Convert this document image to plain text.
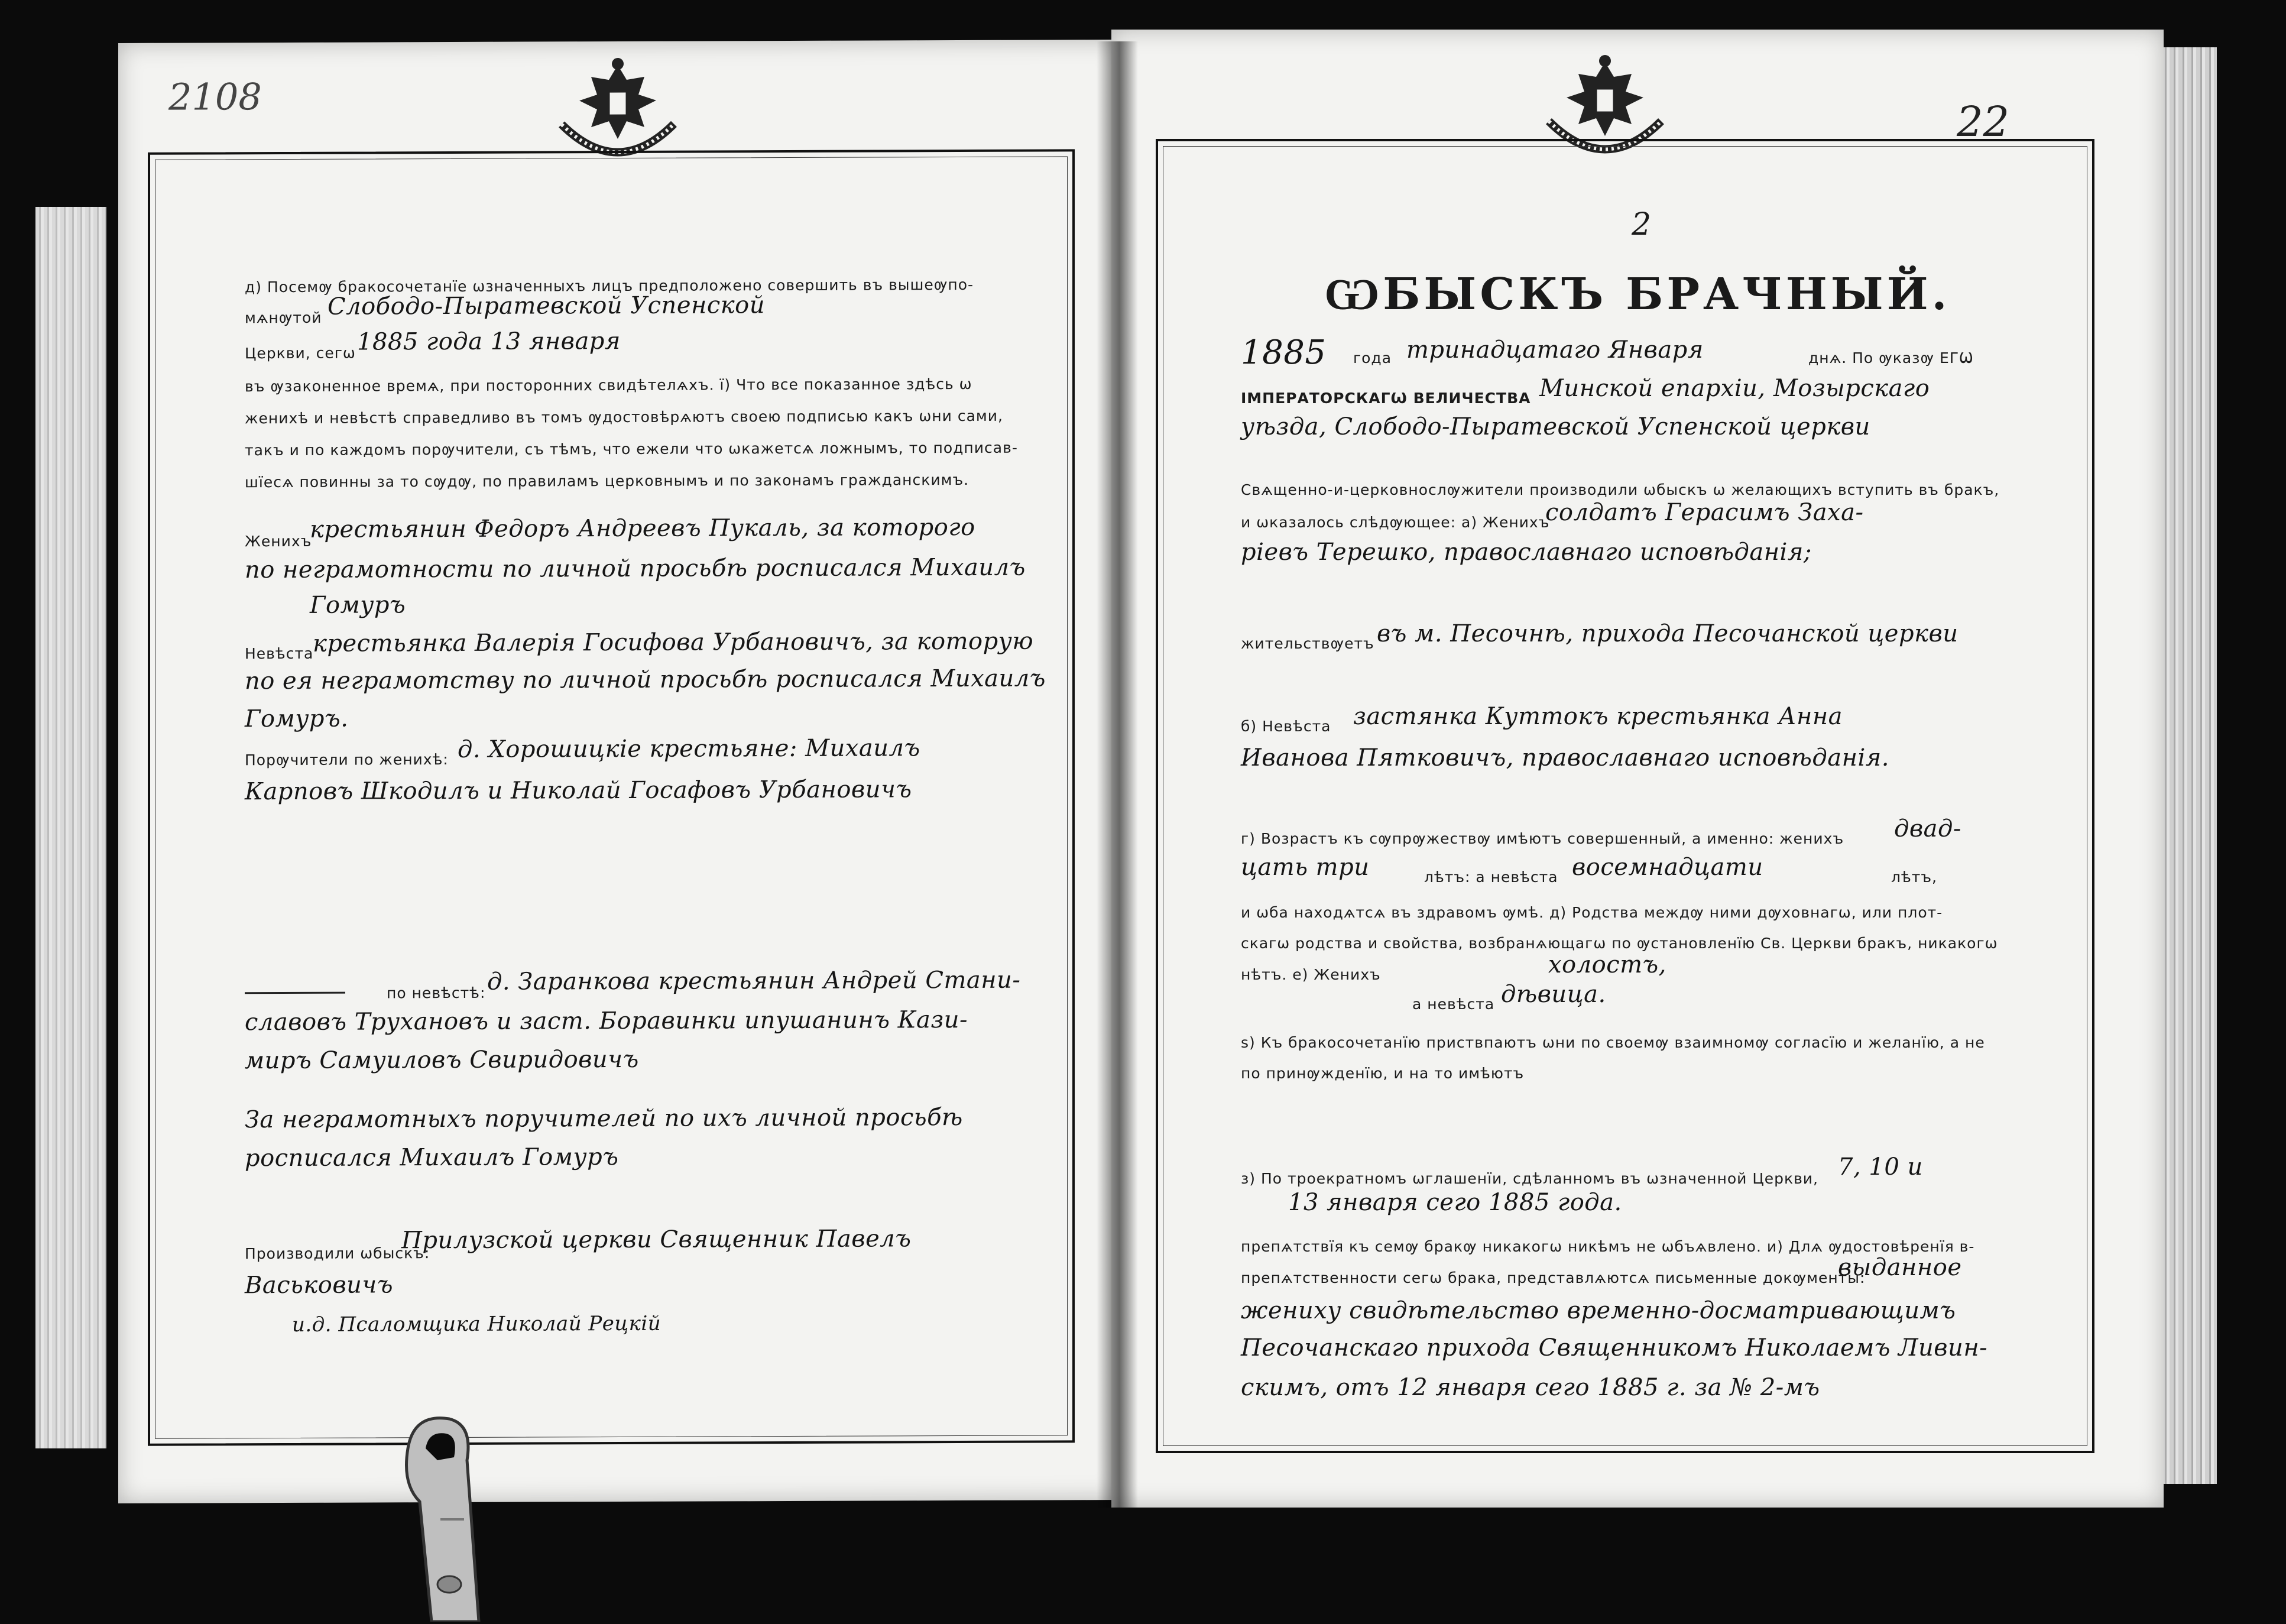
2108
д) Посемѹ бракосочетанїе ѡзначенныхъ лицъ предположено совершить въ вышеѹпо-
мѧнѹтой Слободо-Пыратевской Успенской
Церкви, сегѡ 1885 года 13 января
въ ѹзаконенное времѧ, при посторонних свидѣтелѧхъ. ї) Что все показанное здѣсь ѡ
женихѣ и невѣстѣ справедливо въ томъ ѹдостовѣрѧютъ своею подписью какъ ѡни сами,
такъ и по каждомъ порѹчители, съ тѣмъ, что ежели что ѡкажетсѧ ложнымъ, то подписав-
шїесѧ повинны за то сѹдѹ, по правиламъ церковнымъ и по законамъ гражданскимъ.
Женихъ
крестьянин Федоръ Андреевъ Пукаль, за которого
по неграмотности по личной просьбѣ росписался Михаилъ
Гомуръ
Невѣста
крестьянка Валерiя Госифова Урбановичъ, за которую
по ея неграмотству по личной просьбѣ росписался Михаилъ
Гомуръ.
Порѹчители по женихѣ: д. Хорошицкiе крестьяне: Михаилъ
Карповъ Шкодилъ и Николай Госафовъ Урбановичъ
по невѣстѣ: д. Заранковa крестьянин Андрей Стани-
славовъ Трухановъ и засm. Боравинки ипушанинъ Кази-
миръ Самуиловъ Свиридовичъ
За неграмотныхъ поручителей по ихъ личной просьбѣ
росписался Михаилъ Гомуръ
Производили ѡбыскъ:
Прилузской церкви Священник Павелъ
Васьковичъ
и.д. Псаломщика Николай Рецкiй
22
2
ѠБЫСКЪ БРАЧНЫЙ.
1885 года тринадцатаго Января	днѧ. По ѹказѹ ЕГѠ
ІМПЕРАТОРСКАГѠ ВЕЛИЧЕСТВА Минской епархiи, Мозырскаго
уѣзда, Слободо-Пыратевской Успенской церкви
Свѧщенно-и-церковнослѹжители производили ѡбыскъ ѡ желающихъ вступить въ бракъ,
и ѡказалось слѣдѹющее: а) Женихъ
солдатъ Герасимъ Заха-
рiевъ Терешко, православнаго исповѣданiя;
жительствѹетъ въ м. Песочнѣ, прихода Песочанской церкви
б) Невѣста застянка Куттокъ крестьянка Анна
Иванова Пятковичъ, православнаго исповѣданiя.
г) Возрастъ къ сѹпрѹжествѹ имѣютъ совершенный, а именно: женихъ двад-
цать три	лѣтъ: а невѣста восемнадцати	лѣтъ,
и ѡба находѧтсѧ въ здравомъ ѹмѣ. д) Родства междѹ ними дѹховнагѡ, или плот-
скагѡ родства и свойства, возбранѧющагѡ по ѹстановленїю Св. Церкви бракъ, никакогѡ
нѣтъ. е) Женихъ	холостъ,
а невѣста дѣвица.
ѕ) Къ бракосочетанїю приствпаютъ ѡни по своемѹ взаимномѹ согласїю и желанїю, а не
по принѹжденїю, и на то имѣютъ
з) По троекратномъ ѡглашенїи, сдѣланномъ въ ѡзначенной Церкви, 7, 10 и
13 января сего 1885 года.
препѧтствїя къ семѹ бракѹ никакогѡ никѣмъ не ѡбъѧвлено. и) Длѧ ѹдостовѣренїя в-
препѧтственности сегѡ брака, представлѧютсѧ письменные докѹменты:
выданное
жениху свидѣтельство временно-досматривающимъ
Песочанскаго прихода Священникомъ Николаемъ Ливин-
скимъ, отъ 12 января сего 1885 г. за № 2-мъ
